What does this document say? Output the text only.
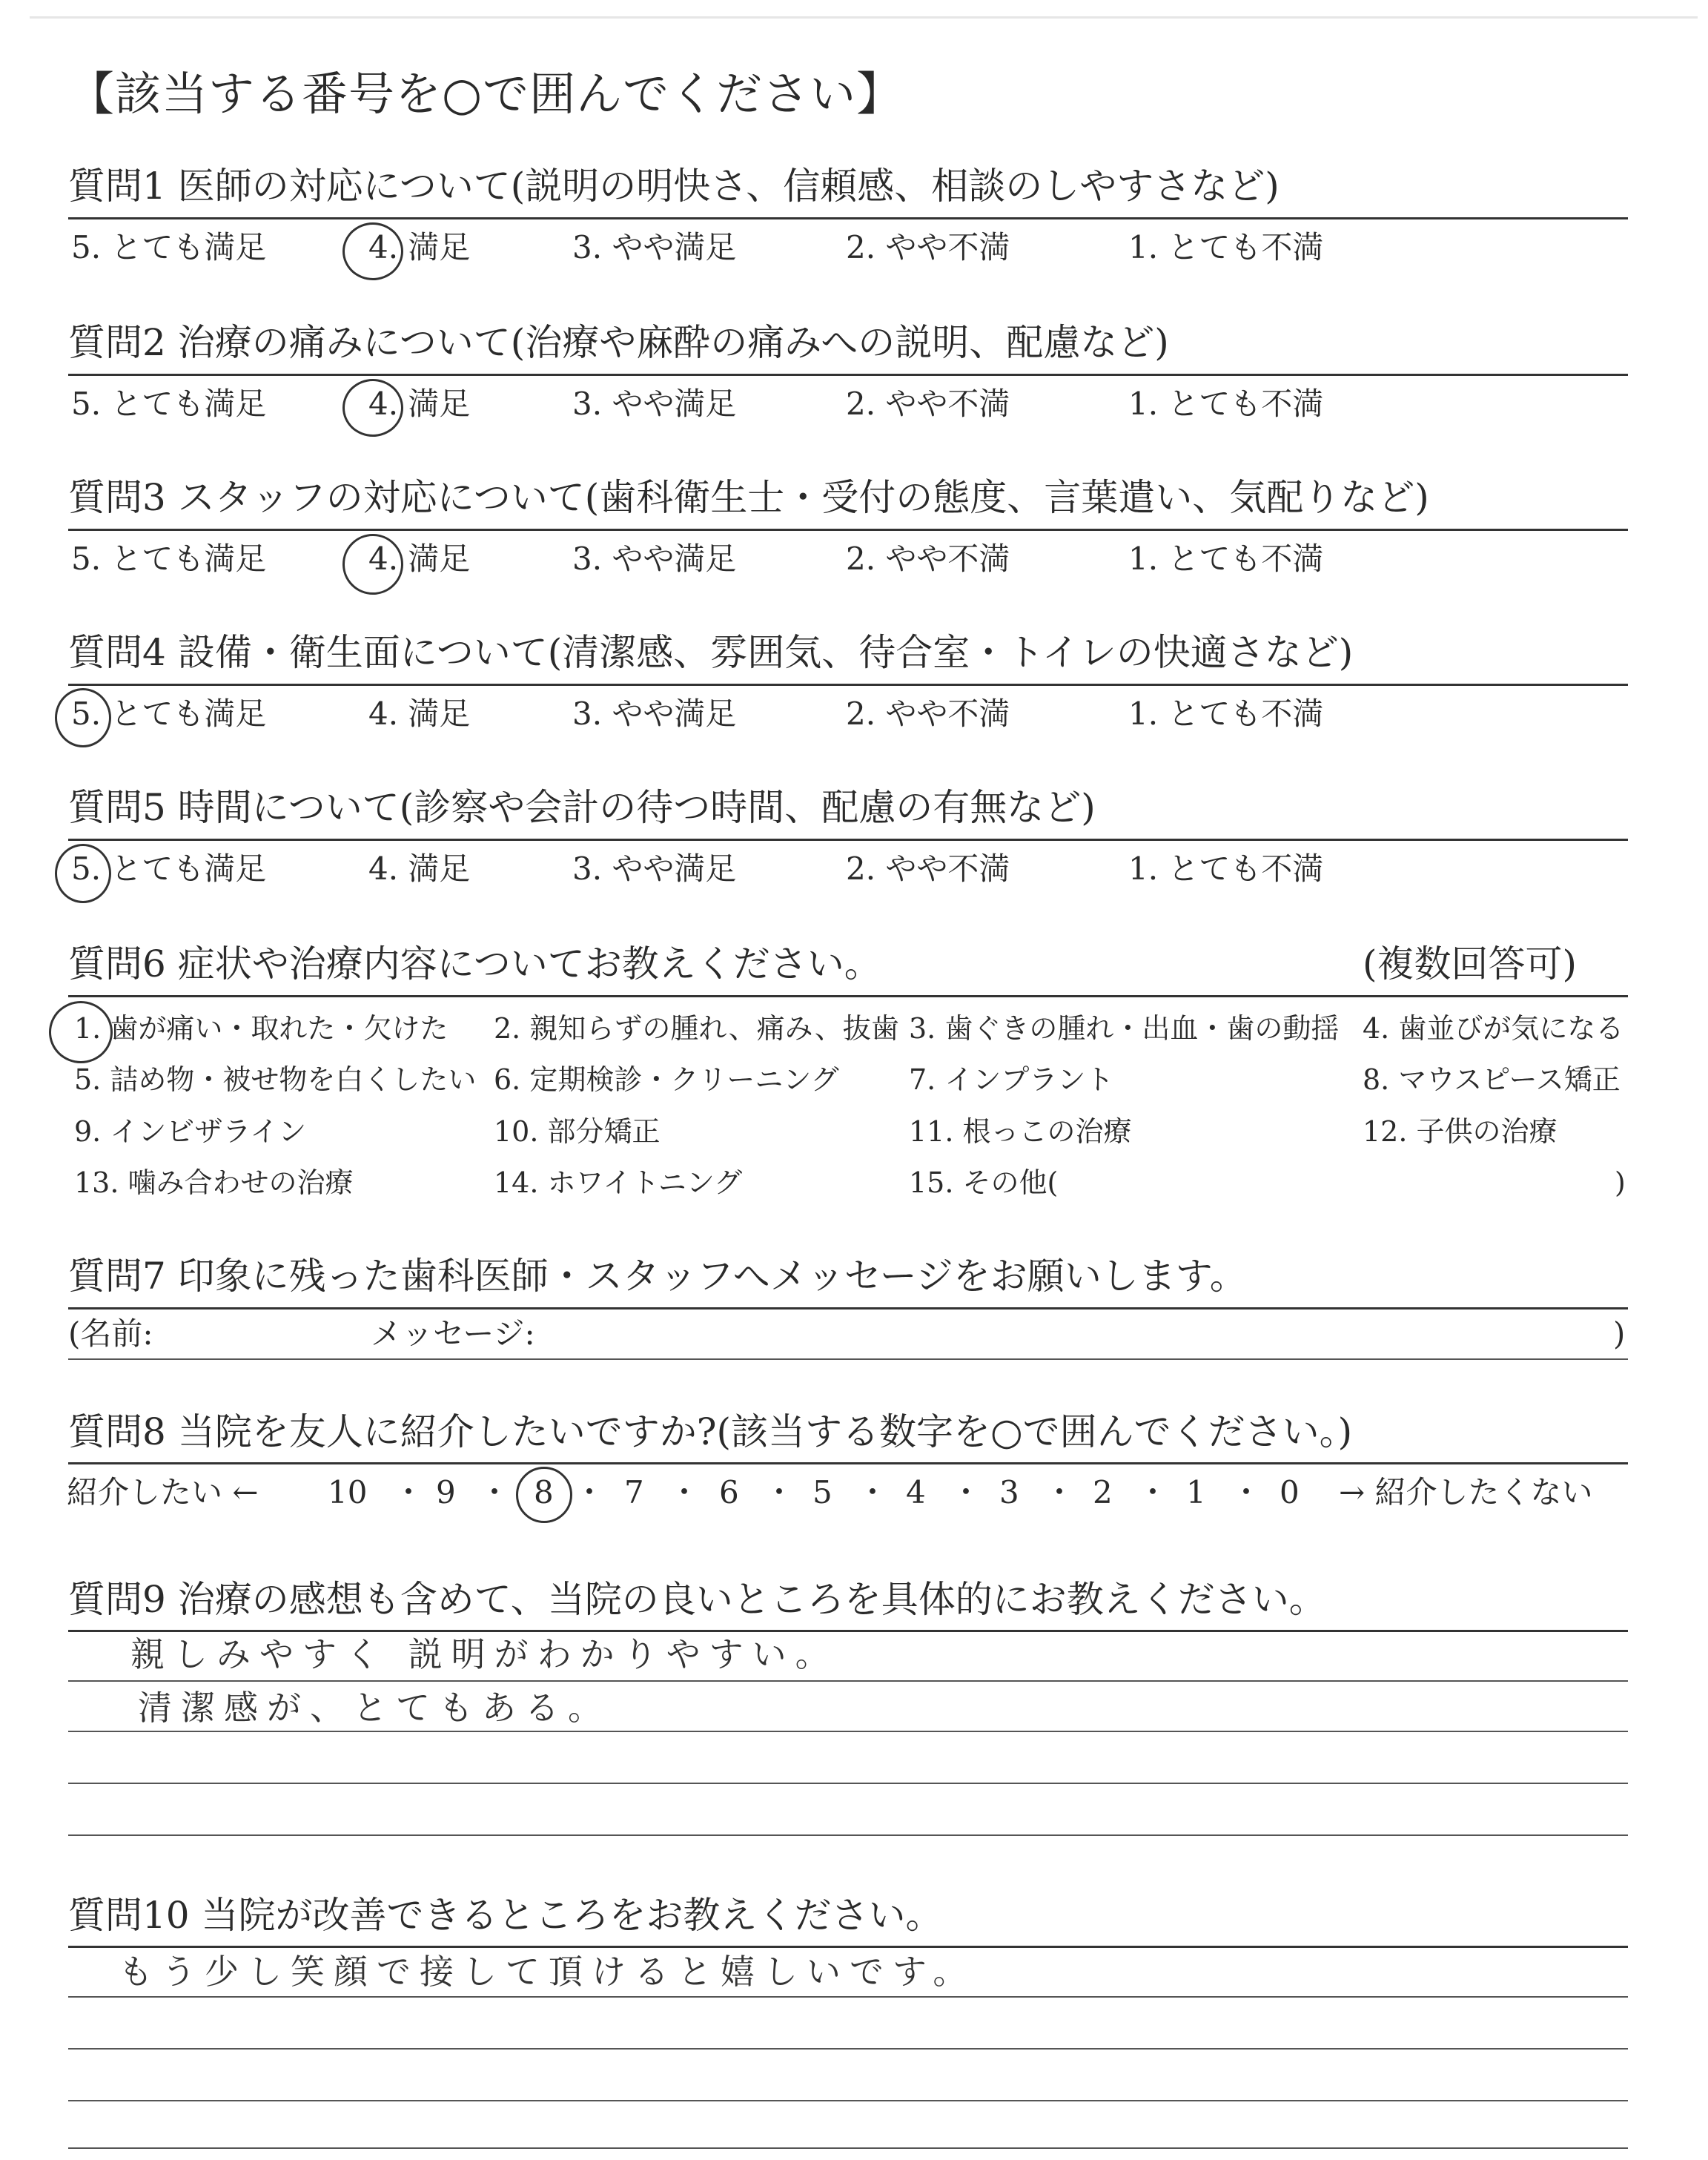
【該当する番号を○で囲んでください】
質問1 医師の対応について(説明の明快さ、信頼感、相談のしやすさなど)
5. とても満足	4. 満足	3. やや満足	2. やや不満	1. とても不満
質問2 治療の痛みについて(治療や麻酔の痛みへの説明、配慮など)
5. とても満足	4. 満足	3. やや満足	2. やや不満	1. とても不満
質問3 スタッフの対応について(歯科衛生士・受付の態度、言葉遣い、気配りなど)
5. とても満足	4. 満足	3. やや満足	2. やや不満	1. とても不満
質問4 設備・衛生面について(清潔感、雰囲気、待合室・トイレの快適さなど)
5. とても満足	4. 満足	3. やや満足	2. やや不満	1. とても不満
質問5 時間について(診察や会計の待つ時間、配慮の有無など)
5. とても満足	4. 満足	3. やや満足	2. やや不満	1. とても不満
質問6 症状や治療内容についてお教えください。	(複数回答可)
1. 歯が痛い・取れた・欠けた 2. 親知らずの腫れ、痛み、抜歯 3. 歯ぐきの腫れ・出血・歯の動揺 4. 歯並びが気になる
5. 詰め物・被せ物を白くしたい 6. 定期検診・クリーニング 7. インプラント	8. マウスピース矯正
9. インビザライン	10. 部分矯正	11. 根っこの治療	12. 子供の治療
13. 噛み合わせの治療	14. ホワイトニング	15. その他(	)
質問7 印象に残った歯科医師・スタッフへメッセージをお願いします。
(名前:	メッセージ:	)
質問8 当院を友人に紹介したいですか?(該当する数字を○で囲んでください。)
紹介したい ← 10 ・ 9 ・ 8 ・ 7 ・ 6 ・ 5 ・ 4 ・ 3 ・ 2 ・ 1 ・ 0 → 紹介したくない
質問9 治療の感想も含めて、当院の良いところを具体的にお教えください。
親しみやすく 説明がわかりやすい。
清潔感が、とてもある。
質問10 当院が改善できるところをお教えください。
もう少し笑顔で接して頂けると嬉しいです。
